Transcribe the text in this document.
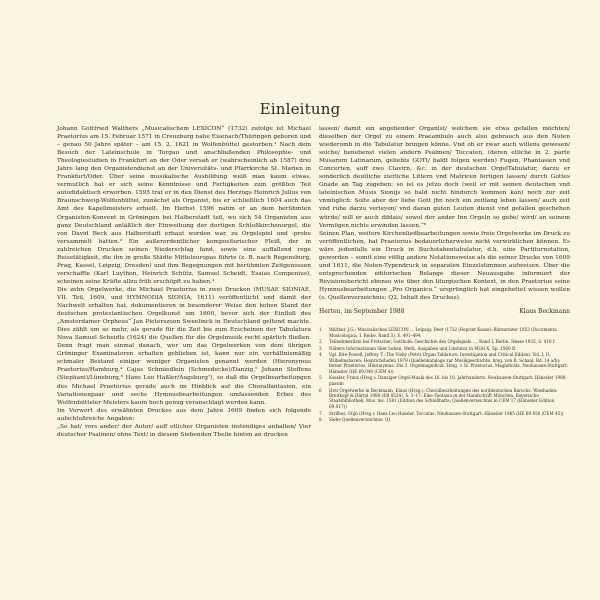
Einleitung

Johann Gottfried Walthers „Musicalischem LEXICON“ (1732) zufolge ist Michael Praetorius am 15. Februar 1571 in Creuzburg nahe Eisenach/Thüringen geboren und – genau 50 Jahre später – am 15. 2. 1621 in Wolfenbüttel gestorben.¹ Nach dem Besuch der Lateinschule in Torgau und anschließenden Philosophie- und Theologiestudien in Frankfurt an der Oder versah er (wahrscheinlich ab 1587) drei Jahre lang den Organistendienst an der Universitäts- und Pfarrkirche St. Marien in Frankfurt/Oder. Über seine musikalische Ausbildung weiß man kaum etwas, vermutlich hat er sich seine Kenntnisse und Fertigkeiten zum größten Teil autodidaktisch erworben. 1595 trat er in den Dienst des Herzogs Heinrich Julius von Braunschweig-Wolfenbüttel, zunächst als Organist, bis er schließlich 1604 auch das Amt des Kapellmeisters erhielt. Im Herbst 1596 nahm er an dem berühmten Organisten-Konvent in Gröningen bei Halberstadt teil, wo sich 54 Organisten aus ganz Deutschland anläßlich der Einweihung der dortigen Schloßkirchenorgel, die von David Beck aus Halberstadt erbaut worden war, zu Orgelspiel und -probe versammelt hatten.² Ein außerordentlicher kompositorischer Fleiß, der in zahlreichen Drucken seinen Niederschlag fand, sowie eine auffallend rege Reisetätigkeit, die ihn in große Städte Mitteleuropas führte (z. B. nach Regensburg, Prag, Kassel, Leipzig, Dresden) und ihm Begegnungen mit berühmten Zeitgenossen verschaffte (Karl Luython, Heinrich Schütz, Samuel Scheidt, Esaias Compenius), scheinen seine Kräfte allzu früh erschöpft zu haben.³
Die zehn Orgelwerke, die Michael Praetorius in zwei Drucken (MUSAE SIONIAE, VII. Teil, 1609, und HYMNODIA SIONIA, 1611) veröffentlicht und damit der Nachwelt erhalten hat, dokumentieren in besonderer Weise den hohen Stand der deutschen protestantischen Orgelkunst um 1600, bevor sich der Einfluß des „Amsterdamer Orpheus“ Jan Pieterszoon Sweelinck in Deutschland geltend machte. Dies zählt um so mehr, als gerade für die Zeit bis zum Erscheinen der Tabulatura Nova Samuel Scheidts (1624) die Quellen für die Orgelmusik recht spärlich fließen. Denn fragt man einmal danach, wer um das Orgelwerken von dem übrigen Gröninger Examinatoren erhalten geblieben ist, kann nur ein verhältnismäßig schmaler Bestand einiger weniger Organisten genannt werden (Hieronymus Praetorius/Hamburg,⁴ Cajus Schmiedlein (Schmedecke)/Danzig,⁵ Johann Steffens (Stephani)/Lüneburg,⁶ Hans Leo Haßler/Augsburg⁷), so daß die Orgelbearbeitungen des Michael Praetorius gerade auch im Hinblick auf die Choralfantasien, ein Variationenpaar und sechs Hymnusbearbeitungen umfassenden Erbes des Wolfenbütteler Meisters kaum hoch genug veranschlagt werden kann.
Im Vorwort des erwähnten Druckes aus dem Jahre 1609 finden sich folgende aufschlußreiche Angaben:
„So hat/ vors ander/ der Autor/ auff etlicher Organisten instendiges anhalten/ Vier deutscher Psalmen/ ohne Text/ in diesem Siebenden Theile hinten an drucken

lassen/ damit ein angehender Organist/ welchem sie etwa gefallen möchten/ dieselben der Orgel zu einem Praeambulo auch also gebrauch aus den Noten wiederumb in die Tabulatur bringen könne. Vnd ob er zwar auch willens gewesen/ solche/ benebenst vielen andern Psalmen/ Toccaten, (deren etliche in 2. parte Musarum Latinarum, geliebts GOTt/ baldt folgen werden) Fugen, Phantasien vnd Concerten, auff zwo Clavirn, &c. in der deutschen OrgelTabulatur, darzu er sonderlich deutliche zierliche Littern vnd Matricen fertigen lassen/ durch Gottes Gnade an Tag zugeben: so ist es jetzo doch (weil er mit seinen deutschen vnd lateinischen Musis Sionijs so bald nicht hindurch kommen kan) noch zur zeit vnmüglich: Solte aber der liebe Gott jhn noch ein zeitlang leben lassen/ auch zeit vnd ruhe darzu verleyen/ vnd daran guten Leuten dienst vnd gefallen geschehen würde/ will er auch diblais/ sowol der ander Inn Orgeln so gebe/ wird/ an seinem Vermögen nichts erwinden lassen.“⁸
Seinen Plan, weitere Kirchenliedbearbeitungen sowie freie Orgelwerke im Druck zu veröffentlichen, hat Praetorius bedauerlicherweise nicht verwirklichen können. Es wäre jedenfalls ein Druck in Buchstabentabulatur, d.h. eine Partiturnotation, geworden – somit eine völlig andere Notationsweise als die seiner Drucke von 1609 und 1611, die Noten-Typendruck in separaten Einzelstimmen aufweisen. Über die entsprechenden editorischen Belange dieser Neuausgabe informiert der Revisionsbericht ebenso wie über den liturgischen Kontext, in den Praetorius seine Hymnusbearbeitungen „Pro Organico.“ ursprünglich hat eingebettet wissen wollen (s. Quellenverzeichnis: Q2, Inhalt des Druckes).

Herten, im September 1988	Klaus Beckmann
1	Walther, J.G.: Musicalisches LEXICON ... Leipzig: Deer (1732 (Reprint Kassel: Bärenreiter 1953 (Documenta Musicologica, I. Reihe, Band 3), S. 491–494
2	Teilnehmerliste bei Frotscher, Gotthold: Geschichte des Orgelspiels ..., Band I, Berlin: Hesse 1935, S. 419 f.
3	Nähere Informationen über Leben, Werk, Ausgaben und Literatur in MGG X, Sp. 1560 ff.
4	Vgl. Rite-Powell, Jeffrey T.: The Visby (Petri) Organ Tablature. Investigation and Critical Edition. Vol. I, II, Wilhelmshaven: Heinrichshofen 1979 (Quellenkataloge zur Musikgeschichte, hrsg. von R. Schaal, Bd. 14 a/b); ferner Praetorius, Hieronymus: Die 3. Orgelmagnificat. Hrsg. v. H. Praetorius, Magnificats. Neuhausen-Stuttgart: Hänssler (HE 69.040 (CEM 4))
5	Kassler, Franz (Hrsg.): Danziger Orgel-Musik des 16. bis 18. Jahrhunderts. Neuhausen-Stuttgart: Hänssler 1988, passim
6	Drei Orgelwerke in Beckmann, Klaus (Hrsg.): Choralbearbeitungen des norddeutschen Barocks. Wiesbaden: Breitkopf & Härtel 1988 (EB 8534), S. 3–17; Eine Fantasia in der Handschrift München, Bayerische Staatsbibliothek, Mus. ms. 1581 (Edition des Schloßhafts: Quellenverzeichnis in CEM 17 (Hänssler Edition 69.017))
7	Strilbos, Stijn (Hrsg.): Hans Leo Hassler, Toccatas. Neuhausen-Stuttgart: Hänssler 1985 (HE 69.450 (CEM 45))
8	Siehe Quellenverzeichnis: Q1
